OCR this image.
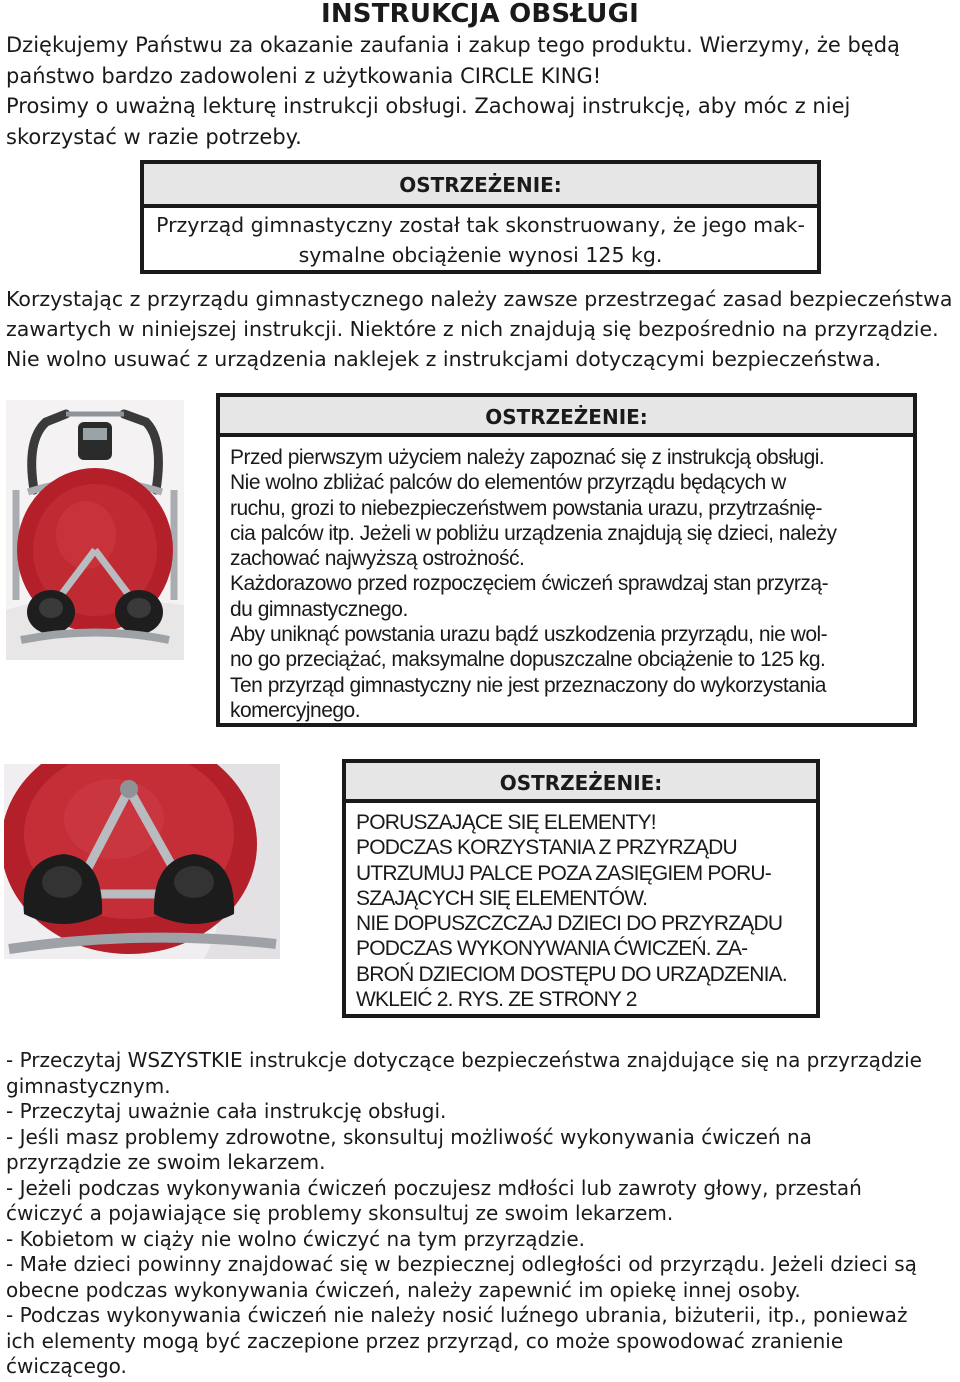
INSTRUKCJA OBSŁUGI
Dziękujemy Państwu za okazanie zaufania i zakup tego produktu. Wierzymy, że będą
państwo bardzo zadowoleni z użytkowania CIRCLE KING!
Prosimy o uważną lekturę instrukcji obsługi. Zachowaj instrukcję, aby móc z niej
skorzystać w razie potrzeby.
OSTRZEŻENIE:
Przyrząd gimnastyczny został tak skonstruowany, że jego mak-
symalne obciążenie wynosi 125 kg.
Korzystając z przyrządu gimnastycznego należy zawsze przestrzegać zasad bezpieczeństwa
zawartych w niniejszej instrukcji. Niektóre z nich znajdują się bezpośrednio na przyrządzie.
Nie wolno usuwać z urządzenia naklejek z instrukcjami dotyczącymi bezpieczeństwa.
OSTRZEŻENIE:
Przed pierwszym użyciem należy zapoznać się z instrukcją obsługi.
Nie wolno zbliżać palców do elementów przyrządu będących w
ruchu, grozi to niebezpieczeństwem powstania urazu, przytrzaśnię-
cia palców itp. Jeżeli w pobliżu urządzenia znajdują się dzieci, należy
zachować najwyższą ostrożność.
Każdorazowo przed rozpoczęciem ćwiczeń sprawdzaj stan przyrzą-
du gimnastycznego.
Aby uniknąć powstania urazu bądź uszkodzenia przyrządu, nie wol-
no go przeciążać, maksymalne dopuszczalne obciążenie to 125 kg.
Ten przyrząd gimnastyczny nie jest przeznaczony do wykorzystania
komercyjnego.
OSTRZEŻENIE:
PORUSZAJĄCE SIĘ ELEMENTY!
PODCZAS KORZYSTANIA Z PRZYRZĄDU
UTRZUMUJ PALCE POZA ZASIĘGIEM PORU-
SZAJĄCYCH SIĘ ELEMENTÓW.
NIE DOPUSZCZCZAJ DZIECI DO PRZYRZĄDU
PODCZAS WYKONYWANIA ĆWICZEŃ. ZA-
BROŃ DZIECIOM DOSTĘPU DO URZĄDZENIA.
WKLEIĆ 2. RYS. ZE STRONY 2
- Przeczytaj WSZYSTKIE instrukcje dotyczące bezpieczeństwa znajdujące się na przyrządzie
gimnastycznym.
- Przeczytaj uważnie cała instrukcję obsługi.
- Jeśli masz problemy zdrowotne, skonsultuj możliwość wykonywania ćwiczeń na
przyrządzie ze swoim lekarzem.
- Jeżeli podczas wykonywania ćwiczeń poczujesz mdłości lub zawroty głowy, przestań
ćwiczyć a pojawiające się problemy skonsultuj ze swoim lekarzem.
- Kobietom w ciąży nie wolno ćwiczyć na tym przyrządzie.
- Małe dzieci powinny znajdować się w bezpiecznej odległości od przyrządu. Jeżeli dzieci są
obecne podczas wykonywania ćwiczeń, należy zapewnić im opiekę innej osoby.
- Podczas wykonywania ćwiczeń nie należy nosić luźnego ubrania, biżuterii, itp., ponieważ
ich elementy mogą być zaczepione przez przyrząd, co może spowodować zranienie
ćwiczącego.
